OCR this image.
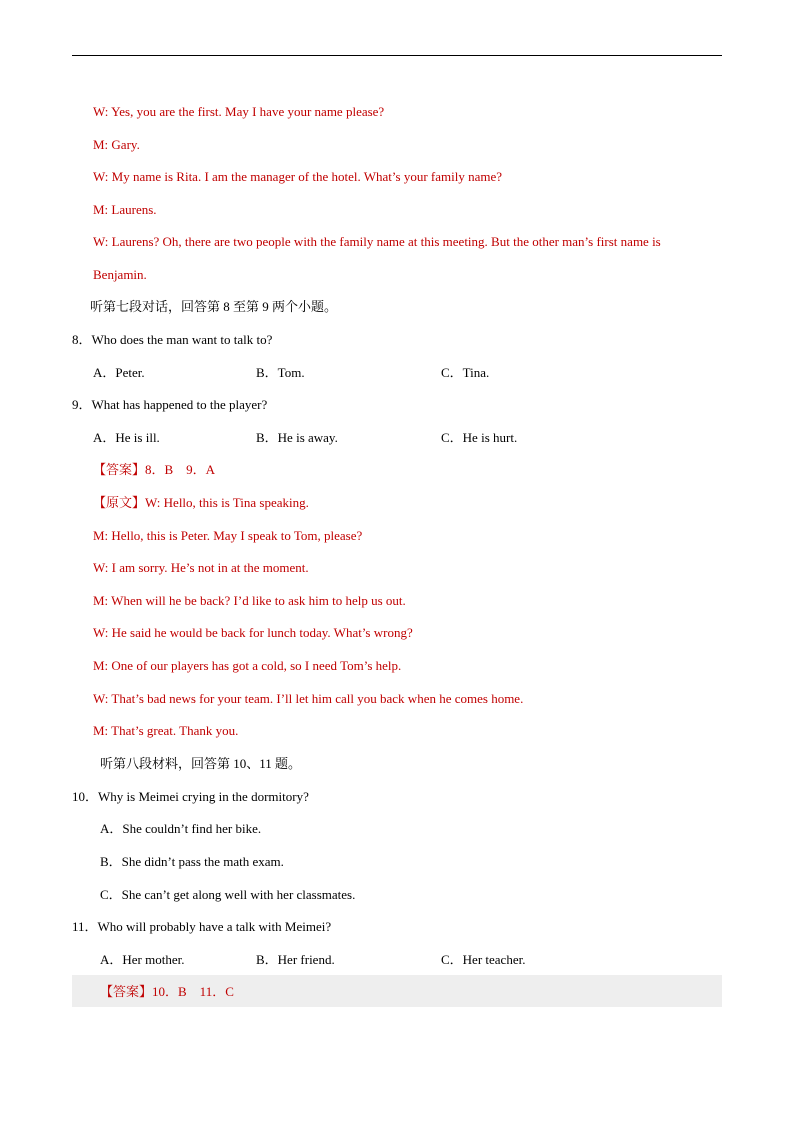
W: Yes, you are the first. May I have your name please?
M: Gary.
W: My name is Rita. I am the manager of the hotel. What’s your family name?
M: Laurens.
W: Laurens? Oh, there are two people with the family name at this meeting. But the other man’s first name is
Benjamin.
听第七段对话，回答第 8 至第 9 两个小题。
8．Who does the man want to talk to?
A．Peter.	B．Tom.	C．Tina.
9．What has happened to the player?
A．He is ill.	B．He is away.	C．He is hurt.
【答案】8．B　9．A
【原文】W: Hello, this is Tina speaking.
M: Hello, this is Peter. May I speak to Tom, please?
W: I am sorry. He’s not in at the moment.
M: When will he be back? I’d like to ask him to help us out.
W: He said he would be back for lunch today. What’s wrong?
M: One of our players has got a cold, so I need Tom’s help.
W: That’s bad news for your team. I’ll let him call you back when he comes home.
M: That’s great. Thank you.
听第八段材料，回答第 10、11 题。
10．Why is Meimei crying in the dormitory?
A．She couldn’t find her bike.
B．She didn’t pass the math exam.
C．She can’t get along well with her classmates.
11．Who will probably have a talk with Meimei?
A．Her mother.	B．Her friend.	C．Her teacher.
【答案】10．B　11．C
